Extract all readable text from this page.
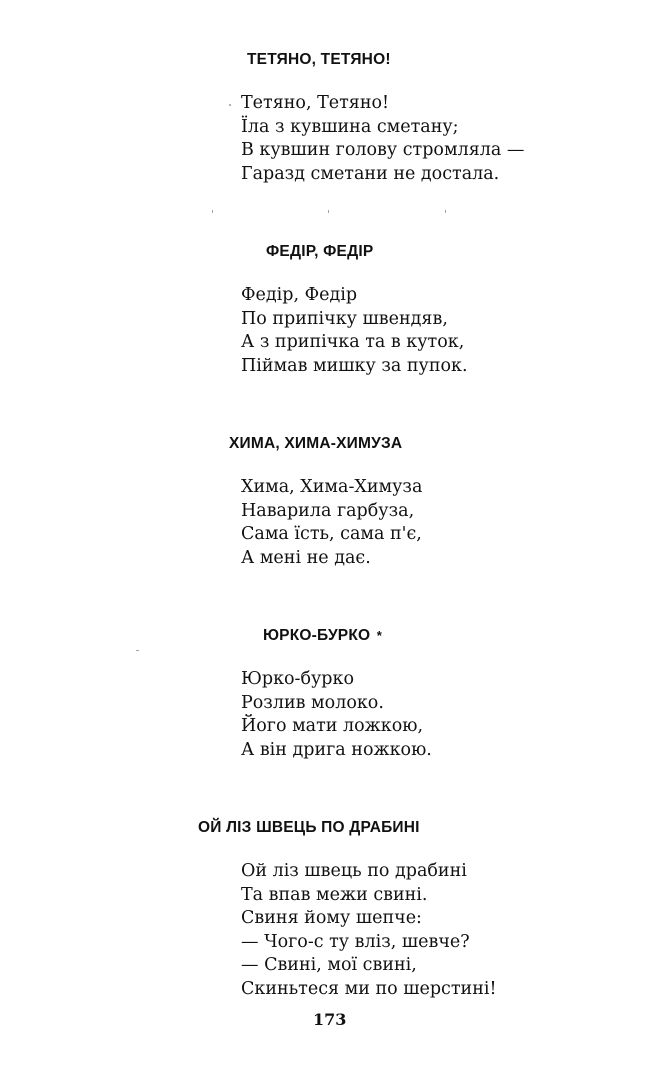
ТЕТЯНО, ТЕТЯНО!
Тетяно, Тетяно!
Їла з кувшина сметану;
В кувшин голову стромляла —
Гаразд сметани не достала.
ФЕДІР, ФЕДІР
Федір, Федір
По припічку швендяв,
А з припічка та в куток,
Піймав мишку за пупок.
ХИМА, ХИМА-ХИМУЗА
Хима, Хима-Химуза
Наварила гарбуза,
Сама їсть, сама п'є,
А мені не дає.
ЮРКО-БУРКО *
Юрко-бурко
Розлив молоко.
Його мати ложкою,
А він дрига ножкою.
ОЙ ЛІЗ ШВЕЦЬ ПО ДРАБИНІ
Ой ліз швець по драбині
Та впав межи свині.
Свиня йому шепче:
— Чого-с ту вліз, шевче?
— Свині, мої свині,
Скиньтеся ми по шерстині!
173
